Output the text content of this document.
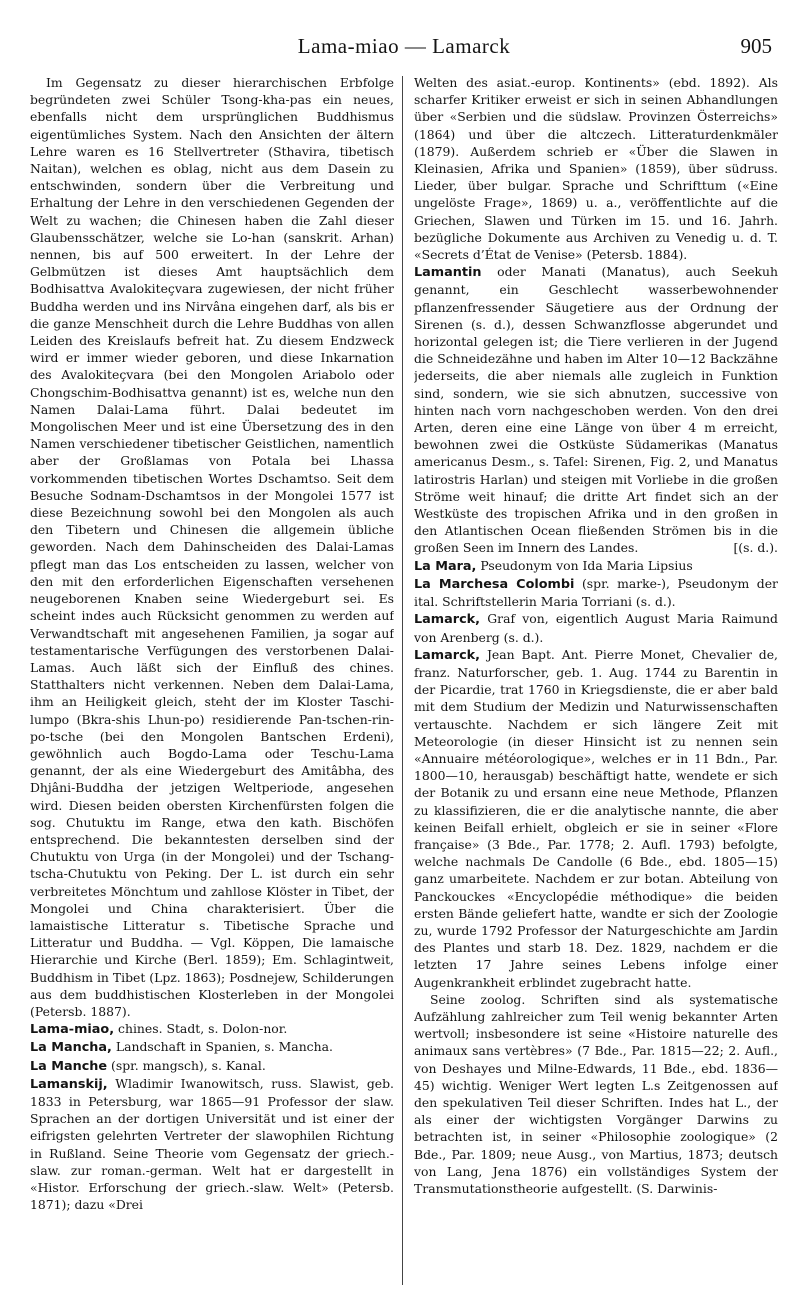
Lama-miao — Lamarck	905

Im Gegensatz zu dieser hierarchischen Erbfolge begründeten zwei Schüler Tsong-kha-pas ein neues, ebenfalls nicht dem ursprünglichen Buddhismus eigentümliches System. Nach den Ansichten der ältern Lehre waren es 16 Stellvertreter (Sthavira, tibetisch Naitan), welchen es oblag, nicht aus dem Dasein zu entschwinden, sondern über die Verbreitung und Erhaltung der Lehre in den verschiedenen Gegenden der Welt zu wachen; die Chinesen haben die Zahl dieser Glaubensschätzer, welche sie Lo-han (sanskrit. Arhan) nennen, bis auf 500 erweitert. In der Lehre der Gelbmützen ist dieses Amt hauptsächlich dem Bodhisattva Avalokiteçvara zugewiesen, der nicht früher Buddha werden und ins Nirvâna eingehen darf, als bis er die ganze Menschheit durch die Lehre Buddhas von allen Leiden des Kreislaufs befreit hat. Zu diesem Endzweck wird er immer wieder geboren, und diese Inkarnation des Avalokiteçvara (bei den Mongolen Ariabolo oder Chongschim-Bodhisattva genannt) ist es, welche nun den Namen Dalai-Lama führt. Dalai bedeutet im Mongolischen Meer und ist eine Übersetzung des in den Namen verschiedener tibetischer Geistlichen, namentlich aber der Großlamas von Potala bei Lhassa vorkommenden tibetischen Wortes Dschamtso. Seit dem Besuche Sodnam-Dschamtsos in der Mongolei 1577 ist diese Bezeichnung sowohl bei den Mongolen als auch den Tibetern und Chinesen die allgemein übliche geworden. Nach dem Dahinscheiden des Dalai-Lamas pflegt man das Los entscheiden zu lassen, welcher von den mit den erforderlichen Eigenschaften versehenen neugeborenen Knaben seine Wiedergeburt sei. Es scheint indes auch Rücksicht genommen zu werden auf Verwandtschaft mit angesehenen Familien, ja sogar auf testamentarische Verfügungen des verstorbenen Dalai-Lamas. Auch läßt sich der Einfluß des chines. Statthalters nicht verkennen. Neben dem Dalai-Lama, ihm an Heiligkeit gleich, steht der im Kloster Taschi-lumpo (Bkra-shis Lhun-po) residierende Pan-tschen-rin-po-tsche (bei den Mongolen Bantschen Erdeni), gewöhnlich auch Bogdo-Lama oder Teschu-Lama genannt, der als eine Wiedergeburt des Amitâbha, des Dhjâni-Buddha der jetzigen Weltperiode, angesehen wird. Diesen beiden obersten Kirchenfürsten folgen die sog. Chutuktu im Range, etwa den kath. Bischöfen entsprechend. Die bekanntesten derselben sind der Chutuktu von Urga (in der Mongolei) und der Tschang-tscha-Chutuktu von Peking. Der L. ist durch ein sehr verbreitetes Mönchtum und zahllose Klöster in Tibet, der Mongolei und China charakterisiert. Über die lamaistische Litteratur s. Tibetische Sprache und Litteratur und Buddha. — Vgl. Köppen, Die lamaische Hierarchie und Kirche (Berl. 1859); Em. Schlagintweit, Buddhism in Tibet (Lpz. 1863); Posdnejew, Schilderungen aus dem buddhistischen Klosterleben in der Mongolei (Petersb. 1887).

Lama-miao, chines. Stadt, s. Dolon-nor.

La Mancha, Landschaft in Spanien, s. Mancha.

La Manche (spr. mangsch), s. Kanal.

Lamanskij, Wladimir Iwanowitsch, russ. Slawist, geb. 1833 in Petersburg, war 1865—91 Professor der slaw. Sprachen an der dortigen Universität und ist einer der eifrigsten gelehrten Vertreter der slawophilen Richtung in Rußland. Seine Theorie vom Gegensatz der griech.-slaw. zur roman.-german. Welt hat er dargestellt in «Histor. Erforschung der griech.-slaw. Welt» (Petersb. 1871); dazu «Drei

Welten des asiat.-europ. Kontinents» (ebd. 1892). Als scharfer Kritiker erweist er sich in seinen Abhandlungen über «Serbien und die südslaw. Provinzen Österreichs» (1864) und über die altczech. Litteraturdenkmäler (1879). Außerdem schrieb er «Über die Slawen in Kleinasien, Afrika und Spanien» (1859), über südruss. Lieder, über bulgar. Sprache und Schrifttum («Eine ungelöste Frage», 1869) u. a., veröffentlichte auf die Griechen, Slawen und Türken im 15. und 16. Jahrh. bezügliche Dokumente aus Archiven zu Venedig u. d. T. «Secrets d’État de Venise» (Petersb. 1884).

Lamantin oder Manati (Manatus), auch Seekuh genannt, ein Geschlecht wasserbewohnender pflanzenfressender Säugetiere aus der Ordnung der Sirenen (s. d.), dessen Schwanzflosse abgerundet und horizontal gelegen ist; die Tiere verlieren in der Jugend die Schneidezähne und haben im Alter 10—12 Backzähne jederseits, die aber niemals alle zugleich in Funktion sind, sondern, wie sie sich abnutzen, successive von hinten nach vorn nachgeschoben werden. Von den drei Arten, deren eine eine Länge von über 4 m erreicht, bewohnen zwei die Ostküste Südamerikas (Manatus americanus Desm., s. Tafel: Sirenen, Fig. 2, und Manatus latirostris Harlan) und steigen mit Vorliebe in die großen Ströme weit hinauf; die dritte Art findet sich an der Westküste des tropischen Afrika und in den großen in den Atlantischen Ocean fließenden Strömen bis in die großen Seen im Innern des Landes.	[(s. d.).

La Mara, Pseudonym von Ida Maria Lipsius

La Marchesa Colombi (spr. marke-), Pseudonym der ital. Schriftstellerin Maria Torriani (s. d.).

Lamarck, Graf von, eigentlich August Maria Raimund von Arenberg (s. d.).

Lamarck, Jean Bapt. Ant. Pierre Monet, Chevalier de, franz. Naturforscher, geb. 1. Aug. 1744 zu Barentin in der Picardie, trat 1760 in Kriegsdienste, die er aber bald mit dem Studium der Medizin und Naturwissenschaften vertauschte. Nachdem er sich längere Zeit mit Meteorologie (in dieser Hinsicht ist zu nennen sein «Annuaire météorologique», welches er in 11 Bdn., Par. 1800—10, herausgab) beschäftigt hatte, wendete er sich der Botanik zu und ersann eine neue Methode, Pflanzen zu klassifizieren, die er die analytische nannte, die aber keinen Beifall erhielt, obgleich er sie in seiner «Flore française» (3 Bde., Par. 1778; 2. Aufl. 1793) befolgte, welche nachmals De Candolle (6 Bde., ebd. 1805—15) ganz umarbeitete. Nachdem er zur botan. Abteilung von Panckouckes «Encyclopédie méthodique» die beiden ersten Bände geliefert hatte, wandte er sich der Zoologie zu, wurde 1792 Professor der Naturgeschichte am Jardin des Plantes und starb 18. Dez. 1829, nachdem er die letzten 17 Jahre seines Lebens infolge einer Augenkrankheit erblindet zugebracht hatte.

Seine zoolog. Schriften sind als systematische Aufzählung zahlreicher zum Teil wenig bekannter Arten wertvoll; insbesondere ist seine «Histoire naturelle des animaux sans vertèbres» (7 Bde., Par. 1815—22; 2. Aufl., von Deshayes und Milne-Edwards, 11 Bde., ebd. 1836—45) wichtig. Weniger Wert legten L.s Zeitgenossen auf den spekulativen Teil dieser Schriften. Indes hat L., der als einer der wichtigsten Vorgänger Darwins zu betrachten ist, in seiner «Philosophie zoologique» (2 Bde., Par. 1809; neue Ausg., von Martius, 1873; deutsch von Lang, Jena 1876) ein vollständiges System der Transmutationstheorie aufgestellt. (S. Darwinis-
